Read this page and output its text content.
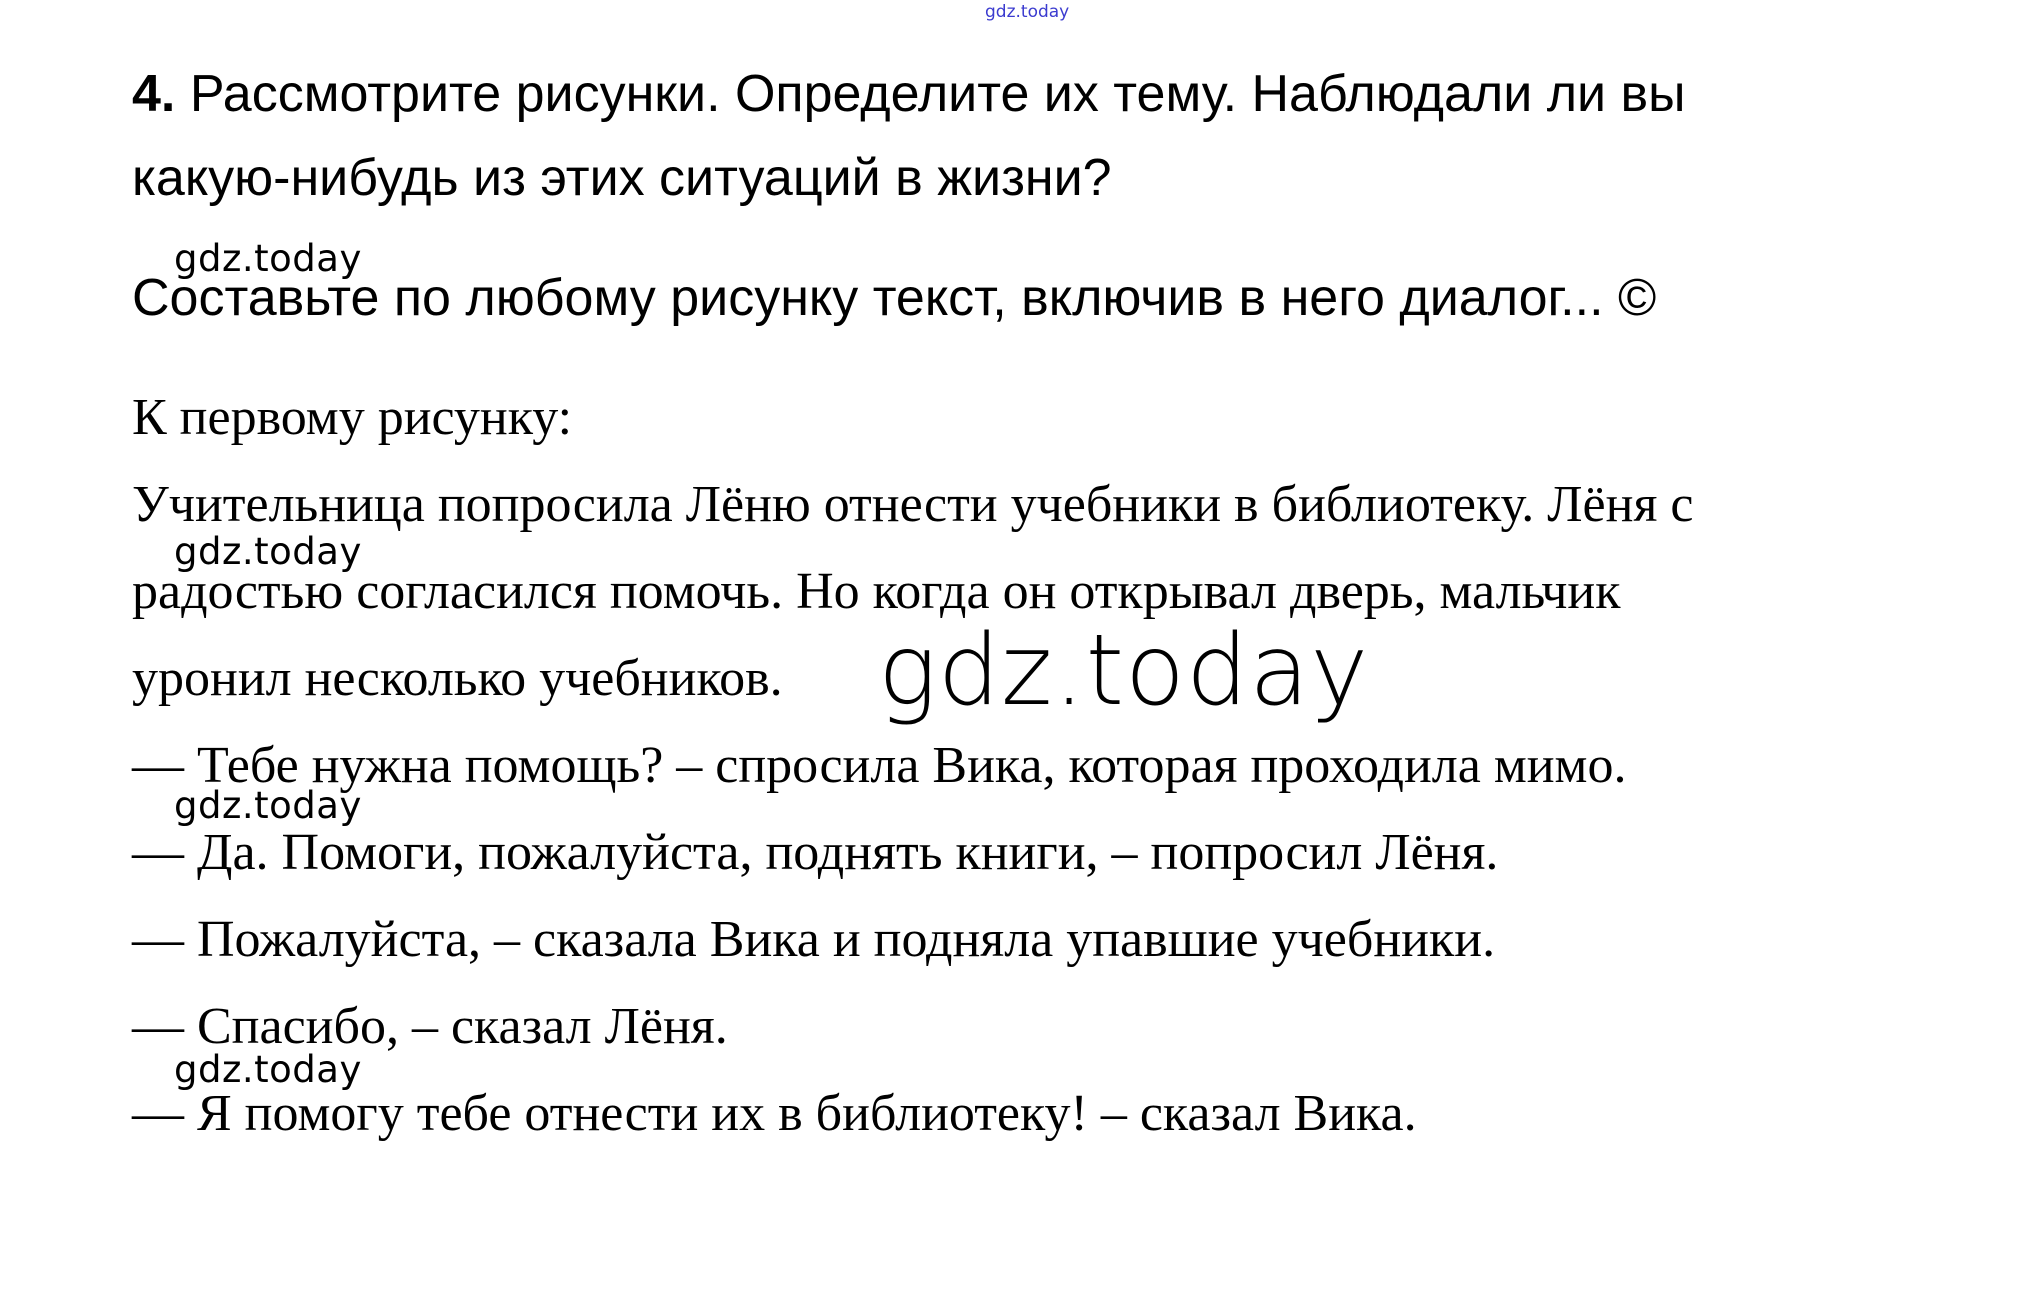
gdz.today
4. Рассмотрите рисунки. Определите их тему. Наблюдали ли вы
какую-нибудь из этих ситуаций в жизни?
Составьте по любому рисунку текст, включив в него диалог... ©
К первому рисунку:
Учительница попросила Лёню отнести учебники в библиотеку. Лёня с
радостью согласился помочь. Но когда он открывал дверь, мальчик
уронил несколько учебников.
— Тебе нужна помощь? – спросила Вика, которая проходила мимо.
— Да. Помоги, пожалуйста, поднять книги, – попросил Лёня.
— Пожалуйста, – сказала Вика и подняла упавшие учебники.
— Спасибо, – сказал Лёня.
— Я помогу тебе отнести их в библиотеку! – сказал Вика.
gdz.today
gdz.today
gdz.today
gdz.today
gdz.today
